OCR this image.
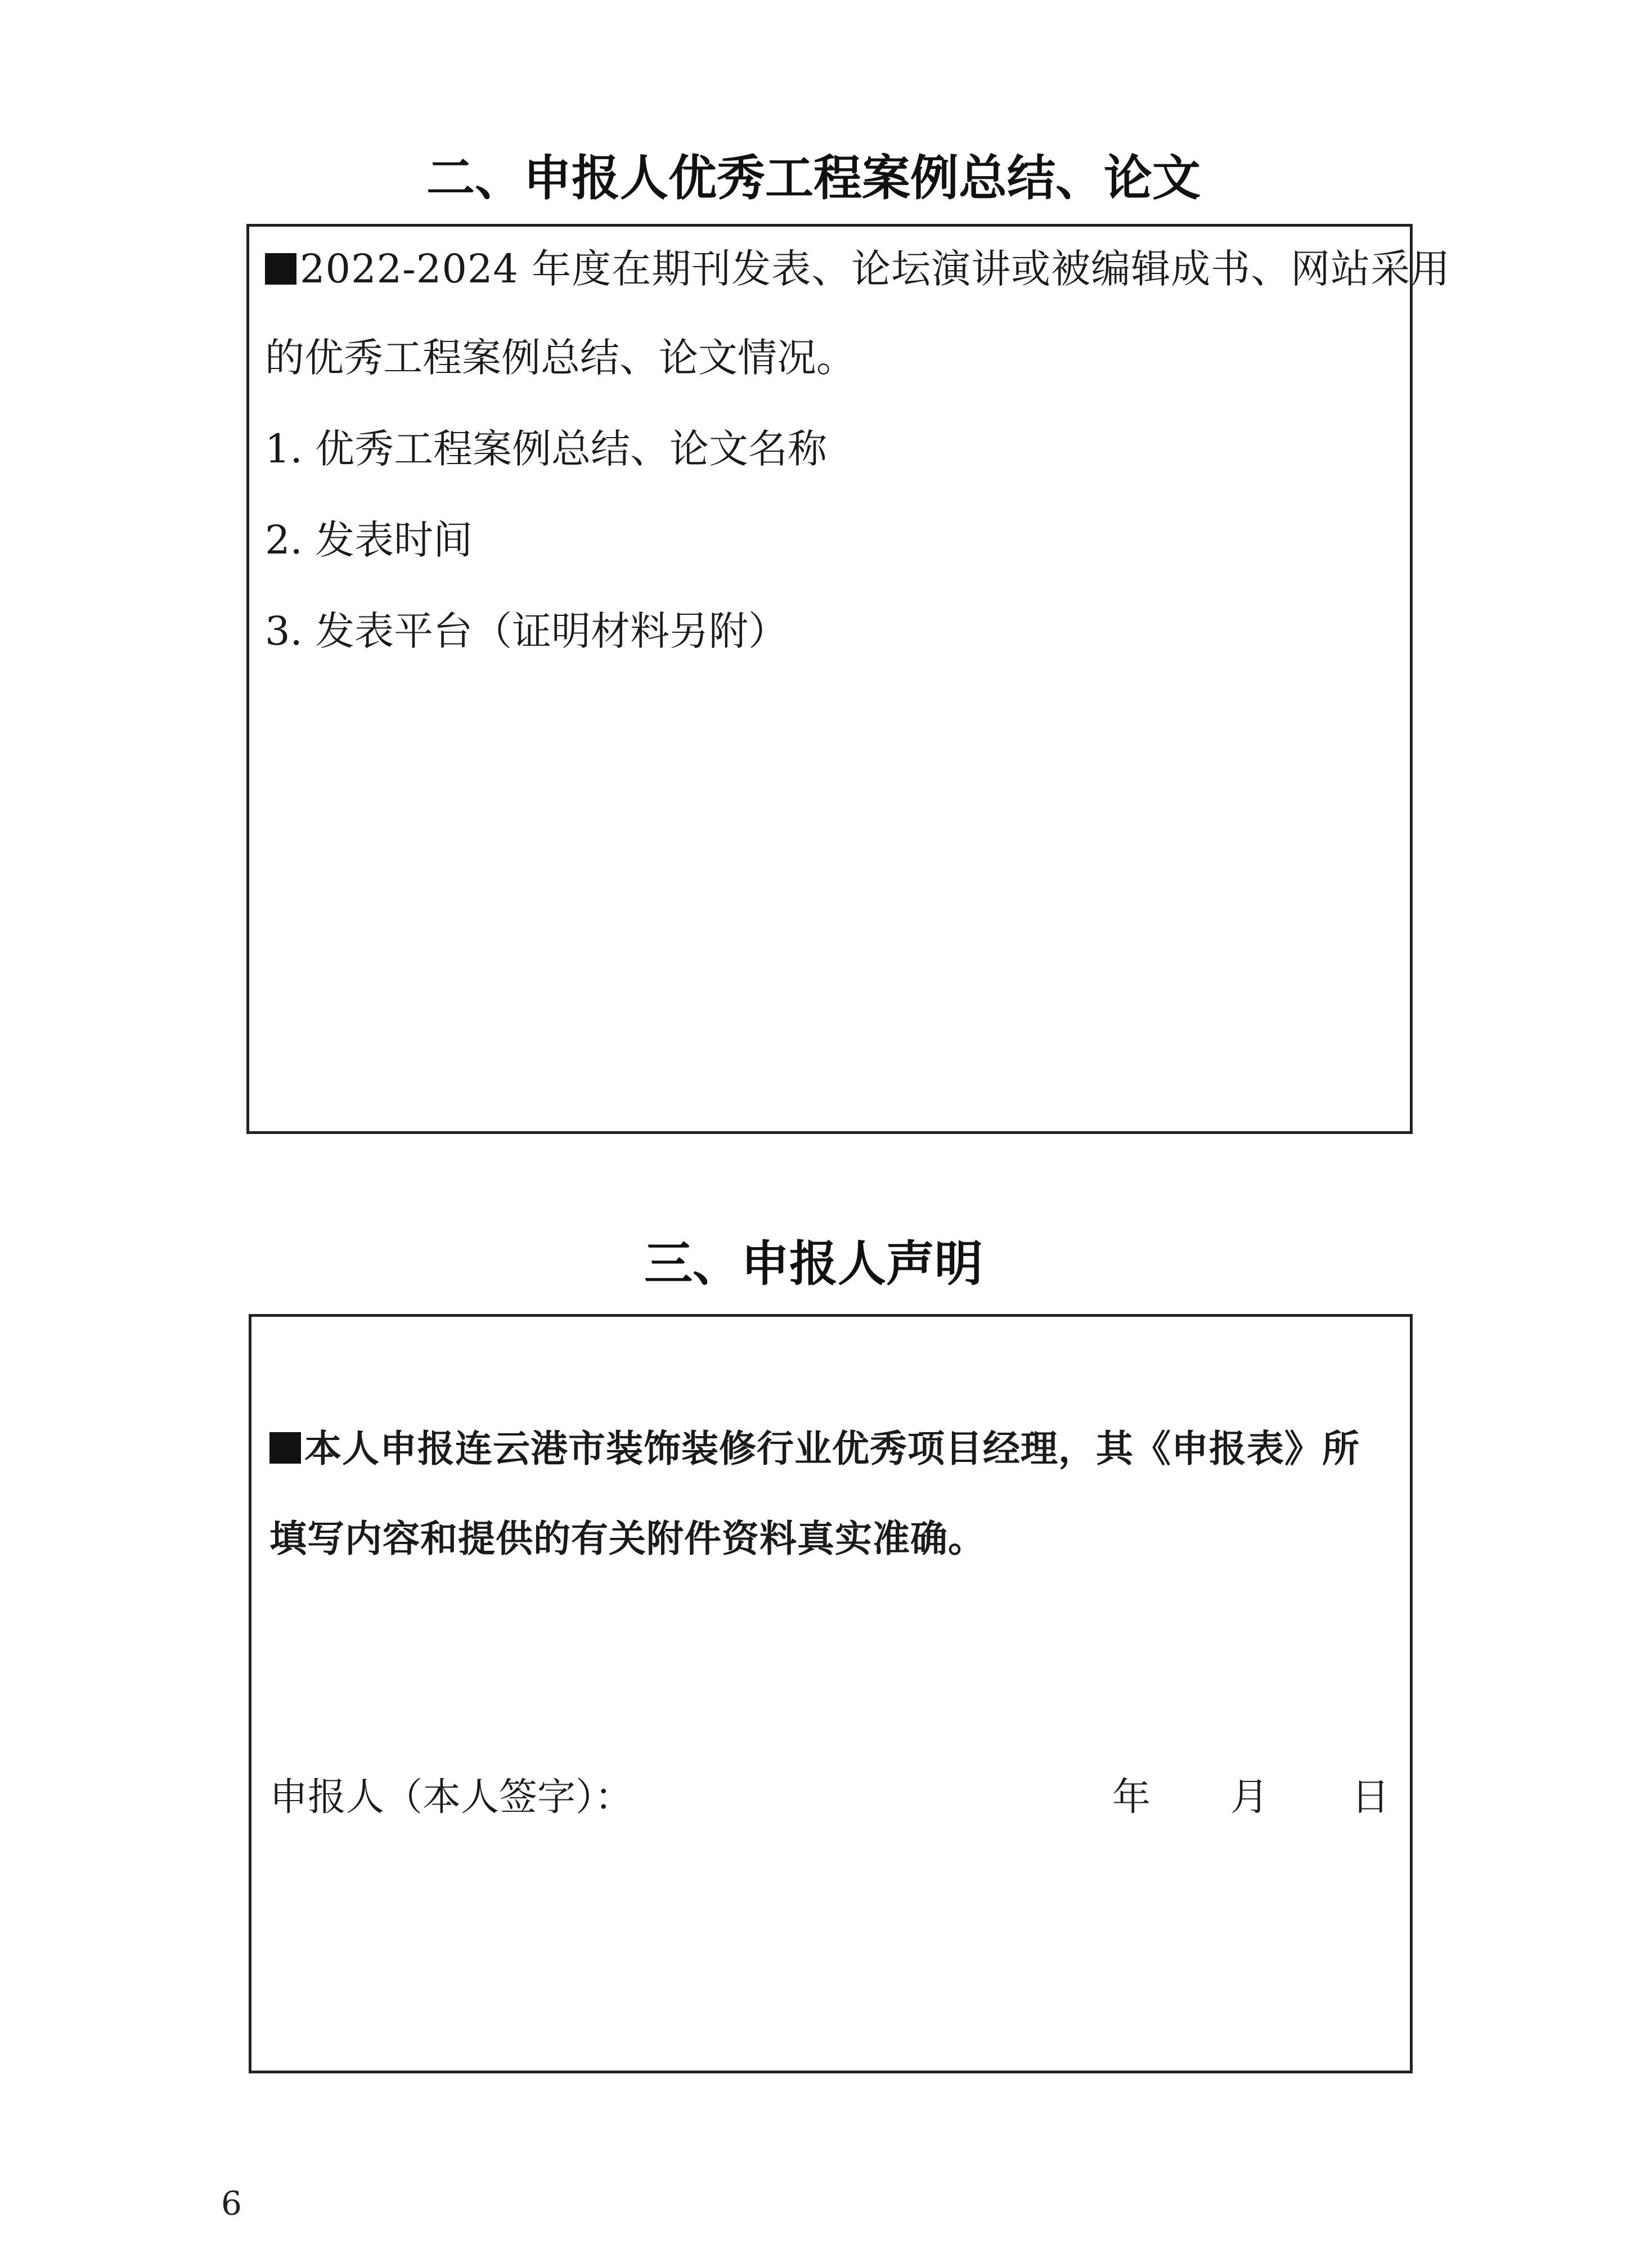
二、申报人优秀工程案例总结、论文
2022-2024 年度在期刊发表、论坛演讲或被编辑成书、网站采用
的优秀工程案例总结、论文情况。
1. 优秀工程案例总结、论文名称
2. 发表时间
3. 发表平台（证明材料另附）
三、申报人声明
本人申报连云港市装饰装修行业优秀项目经理，其《申报表》所
填写内容和提供的有关附件资料真实准确。
申报人（本人签字）：	年 月 日
6
